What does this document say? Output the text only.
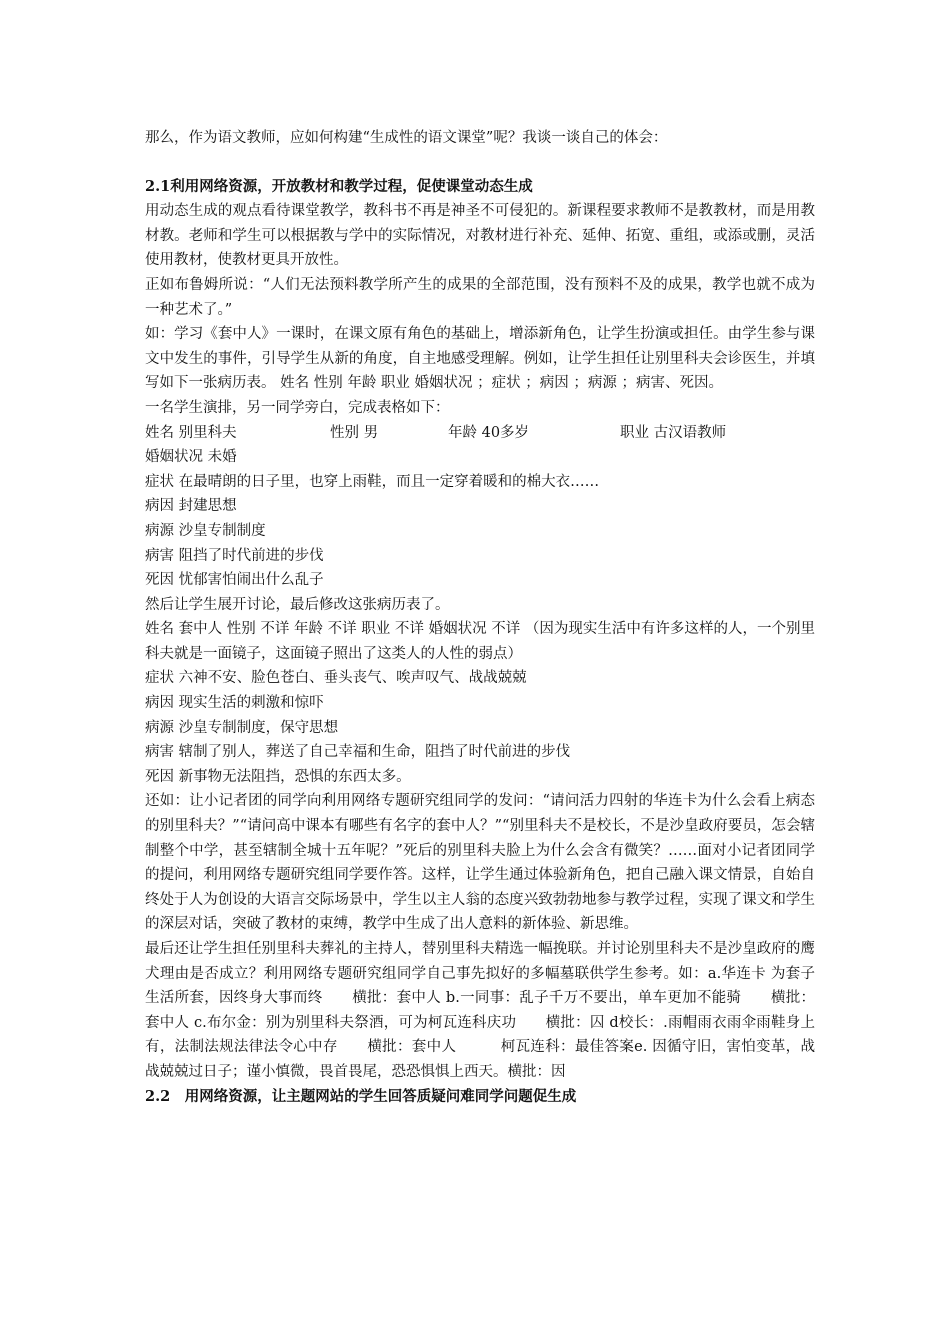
那么，作为语文教师，应如何构建“生成性的语文课堂”呢？我谈一谈自己的体会：

2.1利用网络资源，开放教材和教学过程，促使课堂动态生成

用动态生成的观点看待课堂教学，教科书不再是神圣不可侵犯的。新课程要求教师不是教教材，而是用教材教。老师和学生可以根据教与学中的实际情况，对教材进行补充、延伸、拓宽、重组，或添或删，灵活使用教材，使教材更具开放性。

正如布鲁姆所说：“人们无法预料教学所产生的成果的全部范围，没有预料不及的成果，教学也就不成为一种艺术了。”

如：学习《套中人》一课时，在课文原有角色的基础上，增添新角色，让学生扮演或担任。由学生参与课文中发生的事件，引导学生从新的角度，自主地感受理解。例如，让学生担任让别里科夫会诊医生，并填写如下一张病历表。 姓名 性别 年龄 职业 婚姻状况 ；症状 ；病因 ；病源 ；病害、死因。

一名学生演排，另一同学旁白，完成表格如下：

姓名 别里科夫	性别 男	年龄 40多岁	职业 古汉语教师

婚姻状况 未婚

症状 在最晴朗的日子里，也穿上雨鞋，而且一定穿着暖和的棉大衣……

病因 封建思想

病源 沙皇专制制度

病害 阻挡了时代前进的步伐

死因 忧郁害怕闹出什么乱子

然后让学生展开讨论，最后修改这张病历表了。

姓名 套中人 性别 不详 年龄 不详 职业 不详 婚姻状况 不详 （因为现实生活中有许多这样的人，一个别里科夫就是一面镜子，这面镜子照出了这类人的人性的弱点）

症状 六神不安、脸色苍白、垂头丧气、唉声叹气、战战兢兢

病因 现实生活的刺激和惊吓

病源 沙皇专制制度，保守思想

病害 辖制了别人，葬送了自己幸福和生命，阻挡了时代前进的步伐

死因 新事物无法阻挡，恐惧的东西太多。

还如：让小记者团的同学向利用网络专题研究组同学的发问：“请问活力四射的华连卡为什么会看上病态的别里科夫？”“请问高中课本有哪些有名字的套中人？”“别里科夫不是校长，不是沙皇政府要员，怎会辖制整个中学，甚至辖制全城十五年呢？”死后的别里科夫脸上为什么会含有微笑？……面对小记者团同学的提问，利用网络专题研究组同学要作答。这样，让学生通过体验新角色，把自己融入课文情景，自始自终处于人为创设的大语言交际场景中，学生以主人翁的态度兴致勃勃地参与教学过程，实现了课文和学生的深层对话，突破了教材的束缚，教学中生成了出人意料的新体验、新思维。

最后还让学生担任别里科夫葬礼的主持人，替别里科夫精选一幅挽联。并讨论别里科夫不是沙皇政府的鹰犬理由是否成立？利用网络专题研究组同学自己事先拟好的多幅墓联供学生参考。如：a.华连卡 为套子生活所套，因终身大事而终　　横批：套中人 b.一同事：乱子千万不要出，单车更加不能骑　　横批：套中人 c.布尔金：别为别里科夫祭酒，可为柯瓦连科庆功　　横批：囚 d校长：.雨帽雨衣雨伞雨鞋身上有，法制法规法律法令心中存　　横批：套中人　　　柯瓦连科：最佳答案e. 因循守旧，害怕变革，战战兢兢过日子；谨小慎微，畏首畏尾，恐恐惧惧上西天。横批：因

2.2　用网络资源，让主题网站的学生回答质疑问难同学问题促生成
